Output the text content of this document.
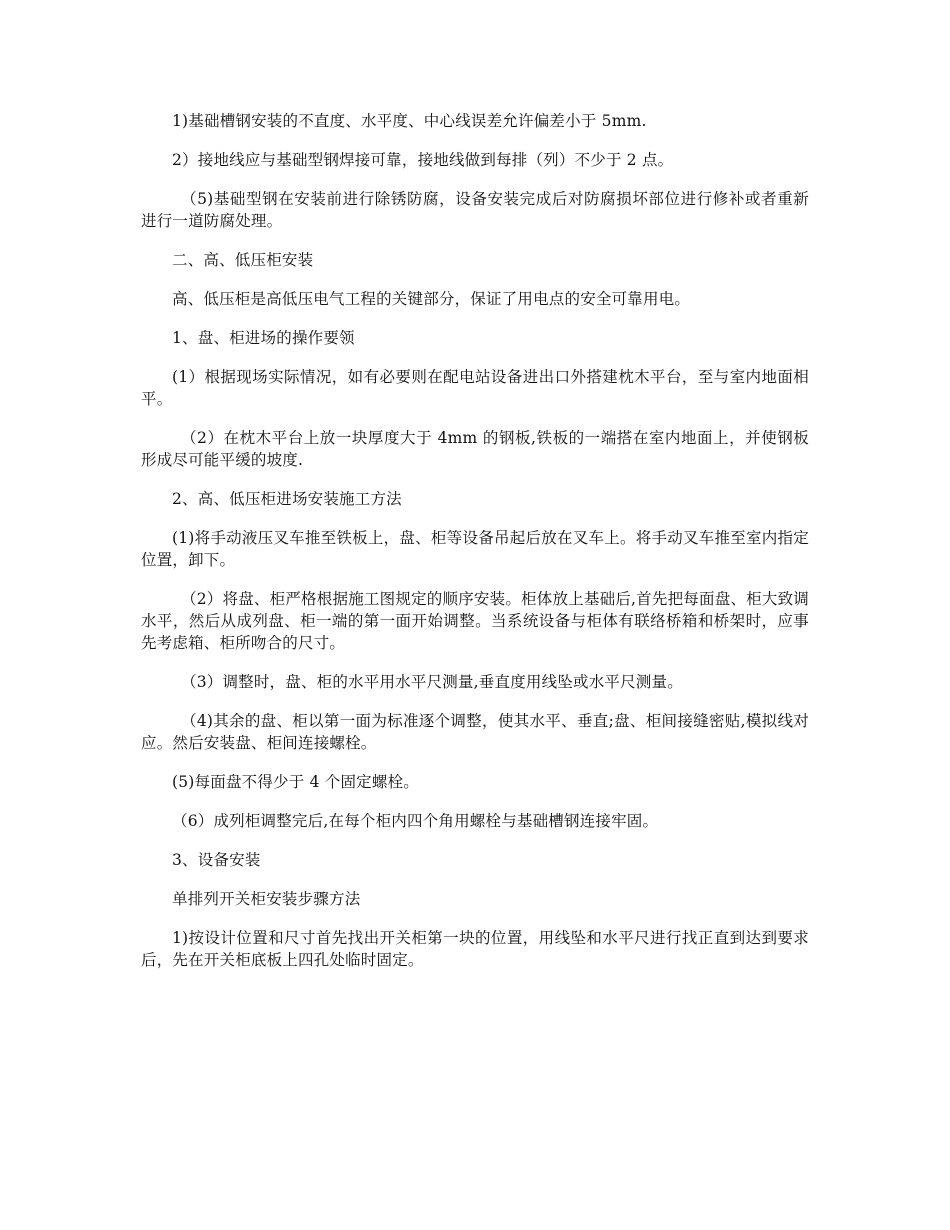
1)基础槽钢安装的不直度、水平度、中心线误差允许偏差小于 5mm.

2）接地线应与基础型钢焊接可靠，接地线做到每排（列）不少于 2 点。

（5)基础型钢在安装前进行除锈防腐，设备安装完成后对防腐损坏部位进行修补或者重新进行一道防腐处理。

二、高、低压柜安装

高、低压柜是高低压电气工程的关键部分，保证了用电点的安全可靠用电。

1、盘、柜进场的操作要领

(1）根据现场实际情况，如有必要则在配电站设备进出口外搭建枕木平台，至与室内地面相平。

（2）在枕木平台上放一块厚度大于 4mm 的钢板,铁板的一端搭在室内地面上，并使钢板形成尽可能平缓的坡度.

2、高、低压柜进场安装施工方法

(1)将手动液压叉车推至铁板上，盘、柜等设备吊起后放在叉车上。将手动叉车推至室内指定位置，卸下。

（2）将盘、柜严格根据施工图规定的顺序安装。柜体放上基础后,首先把每面盘、柜大致调水平，然后从成列盘、柜一端的第一面开始调整。当系统设备与柜体有联络桥箱和桥架时，应事先考虑箱、柜所吻合的尺寸。

（3）调整时，盘、柜的水平用水平尺测量,垂直度用线坠或水平尺测量。

（4)其余的盘、柜以第一面为标准逐个调整，使其水平、垂直;盘、柜间接缝密贴,模拟线对应。然后安装盘、柜间连接螺栓。

(5)每面盘不得少于 4 个固定螺栓。

（6）成列柜调整完后,在每个柜内四个角用螺栓与基础槽钢连接牢固。

3、设备安装

单排列开关柜安装步骤方法

1)按设计位置和尺寸首先找出开关柜第一块的位置，用线坠和水平尺进行找正直到达到要求后，先在开关柜底板上四孔处临时固定。
